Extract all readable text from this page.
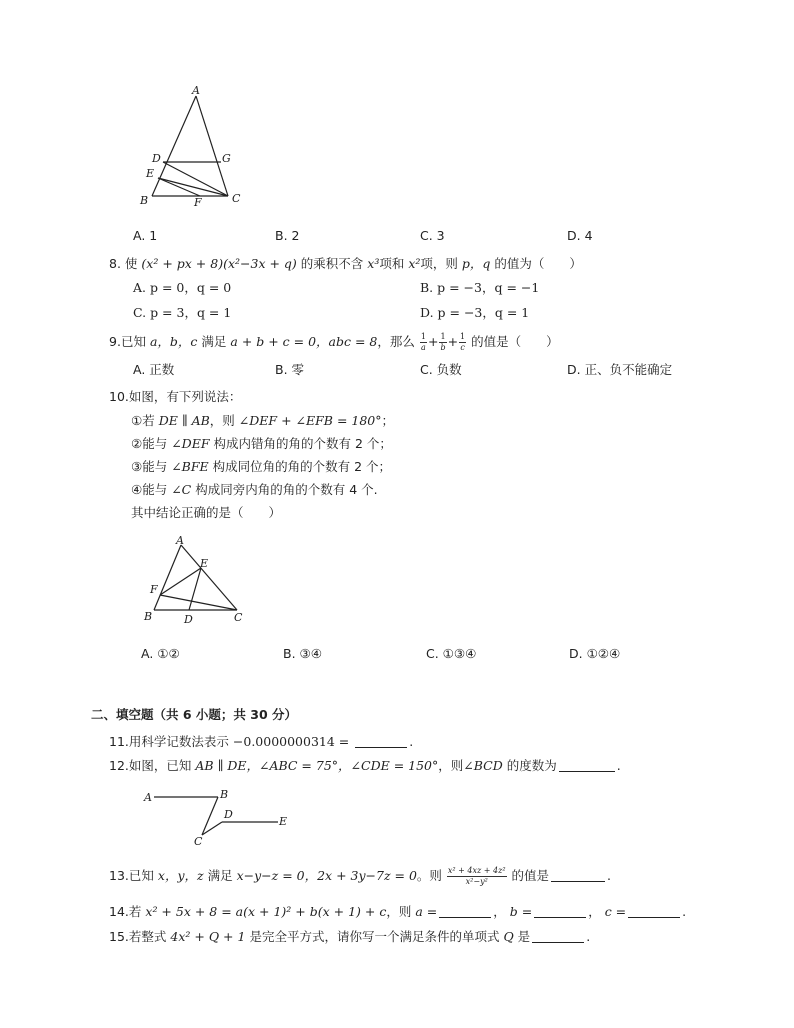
A
D	G
E
B	F	C
A. 1	B. 2	C. 3	D. 4
8. 使 (x² + px + 8)(x²−3x + q) 的乘积不含 x³项和 x²项，则 p，q 的值为（　　）
A. p = 0，q = 0	B. p = −3，q = −1
C. p = 3，q = 1	D. p = −3，q = 1
9.已知 a，b，c 满足 a + b + c = 0，abc = 8，那么 $\frac{1}{a} + \frac{1}{b} + \frac{1}{c}$ 的值是（　　）
A. 正数	B. 零	C. 负数	D. 正、负不能确定
10.如图，有下列说法：
①若 DE ∥ AB，则 ∠DEF + ∠EFB = 180°；
②能与 ∠DEF 构成内错角的角的个数有 2 个；
③能与 ∠BFE 构成同位角的角的个数有 2 个；
④能与 ∠C 构成同旁内角的角的个数有 4 个.
其中结论正确的是（　　）
A
E
F
B	D	C
A. ①②	B. ③④	C. ①③④	D. ①②④
二、填空题（共 6 小题；共 30 分）
11.用科学记数法表示 −0.0000000314 =	.
12.如图，已知 AB ∥ DE，∠ABC = 75°，∠CDE = 150°，则∠BCD 的度数为	.
A	B
C
D
E
13.已知 x，y，z 满足 x−y−z = 0，2x + 3y−7z = 0。则 $\frac{\text{x² + 4xz + 4z²}}{\text{x²−y²}}$ 的值是	.
14.若 x² + 5x + 8 = a(x + 1)² + b(x + 1) + c，则 a =	， b =	， c =	.
15.若整式 4x² + Q + 1 是完全平方式，请你写一个满足条件的单项式 Q 是	.
